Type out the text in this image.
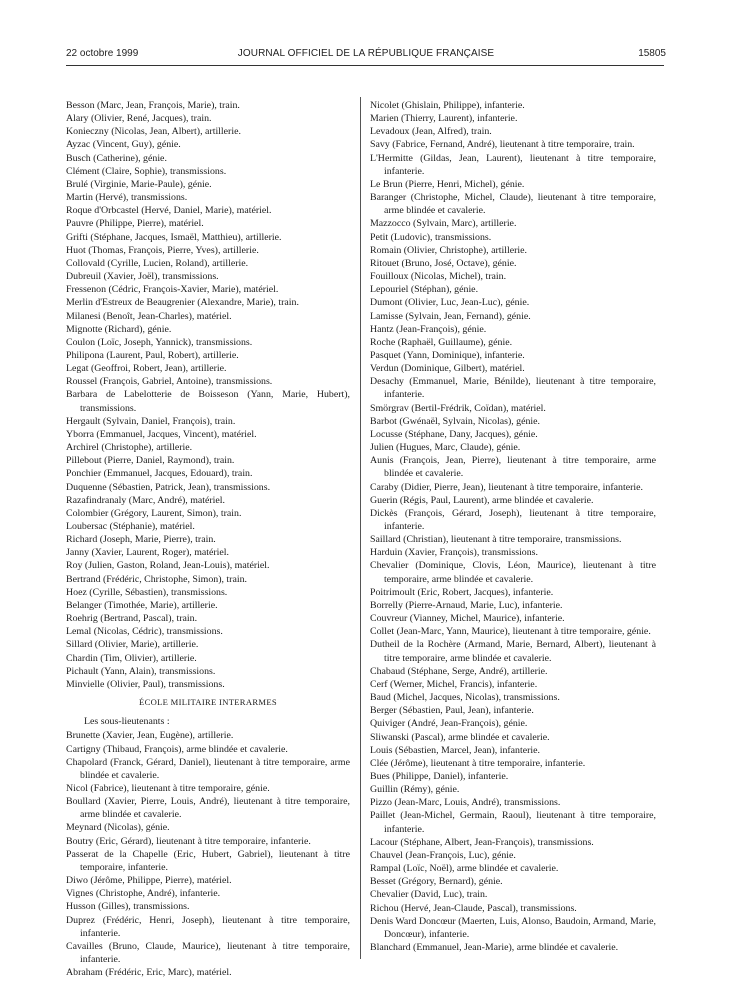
22 octobre 1999	JOURNAL OFFICIEL DE LA RÉPUBLIQUE FRANÇAISE	15805
Besson (Marc, Jean, François, Marie), train.
Alary (Olivier, René, Jacques), train.
Konieczny (Nicolas, Jean, Albert), artillerie.
Ayzac (Vincent, Guy), génie.
Busch (Catherine), génie.
Clément (Claire, Sophie), transmissions.
Brulé (Virginie, Marie-Paule), génie.
Martin (Hervé), transmissions.
Roque d'Orbcastel (Hervé, Daniel, Marie), matériel.
Pauvre (Philippe, Pierre), matériel.
Grifti (Stéphane, Jacques, Ismaël, Matthieu), artillerie.
Huot (Thomas, François, Pierre, Yves), artillerie.
Collovald (Cyrille, Lucien, Roland), artillerie.
Dubreuil (Xavier, Joël), transmissions.
Fressenon (Cédric, François-Xavier, Marie), matériel.
Merlin d'Estreux de Beaugrenier (Alexandre, Marie), train.
Milanesi (Benoît, Jean-Charles), matériel.
Mignotte (Richard), génie.
Coulon (Loïc, Joseph, Yannick), transmissions.
Philipona (Laurent, Paul, Robert), artillerie.
Legat (Geoffroi, Robert, Jean), artillerie.
Roussel (François, Gabriel, Antoine), transmissions.
Barbara de Labelotterie de Boisseson (Yann, Marie, Hubert), transmissions.
Hergault (Sylvain, Daniel, François), train.
Yborra (Emmanuel, Jacques, Vincent), matériel.
Archirel (Christophe), artillerie.
Pillebout (Pierre, Daniel, Raymond), train.
Ponchier (Emmanuel, Jacques, Edouard), train.
Duquenne (Sébastien, Patrick, Jean), transmissions.
Razafindranaly (Marc, André), matériel.
Colombier (Grégory, Laurent, Simon), train.
Loubersac (Stéphanie), matériel.
Richard (Joseph, Marie, Pierre), train.
Janny (Xavier, Laurent, Roger), matériel.
Roy (Julien, Gaston, Roland, Jean-Louis), matériel.
Bertrand (Frédéric, Christophe, Simon), train.
Hoez (Cyrille, Sébastien), transmissions.
Belanger (Timothée, Marie), artillerie.
Roehrig (Bertrand, Pascal), train.
Lemal (Nicolas, Cédric), transmissions.
Sillard (Olivier, Marie), artillerie.
Chardin (Tim, Olivier), artillerie.
Pichault (Yann, Alain), transmissions.
Minvielle (Olivier, Paul), transmissions.
ÉCOLE MILITAIRE INTERARMES
Les sous-lieutenants :
Brunette (Xavier, Jean, Eugène), artillerie.
Cartigny (Thibaud, François), arme blindée et cavalerie.
Chapolard (Franck, Gérard, Daniel), lieutenant à titre temporaire, arme blindée et cavalerie.
Nicol (Fabrice), lieutenant à titre temporaire, génie.
Boullard (Xavier, Pierre, Louis, André), lieutenant à titre temporaire, arme blindée et cavalerie.
Meynard (Nicolas), génie.
Boutry (Eric, Gérard), lieutenant à titre temporaire, infanterie.
Passerat de la Chapelle (Eric, Hubert, Gabriel), lieutenant à titre temporaire, infanterie.
Diwo (Jérôme, Philippe, Pierre), matériel.
Vignes (Christophe, André), infanterie.
Husson (Gilles), transmissions.
Duprez (Frédéric, Henri, Joseph), lieutenant à titre temporaire, infanterie.
Cavailles (Bruno, Claude, Maurice), lieutenant à titre temporaire, infanterie.
Abraham (Frédéric, Eric, Marc), matériel.
Nicolet (Ghislain, Philippe), infanterie.
Marien (Thierry, Laurent), infanterie.
Levadoux (Jean, Alfred), train.
Savy (Fabrice, Fernand, André), lieutenant à titre temporaire, train.
L'Hermitte (Gildas, Jean, Laurent), lieutenant à titre temporaire, infanterie.
Le Brun (Pierre, Henri, Michel), génie.
Baranger (Christophe, Michel, Claude), lieutenant à titre temporaire, arme blindée et cavalerie.
Mazzocco (Sylvain, Marc), artillerie.
Petit (Ludovic), transmissions.
Romain (Olivier, Christophe), artillerie.
Ritouet (Bruno, José, Octave), génie.
Fouilloux (Nicolas, Michel), train.
Lepouriel (Stéphan), génie.
Dumont (Olivier, Luc, Jean-Luc), génie.
Lamisse (Sylvain, Jean, Fernand), génie.
Hantz (Jean-François), génie.
Roche (Raphaël, Guillaume), génie.
Pasquet (Yann, Dominique), infanterie.
Verdun (Dominique, Gilbert), matériel.
Desachy (Emmanuel, Marie, Bénilde), lieutenant à titre temporaire, infanterie.
Smörgrav (Bertil-Frédrik, Coïdan), matériel.
Barbot (Gwénaël, Sylvain, Nicolas), génie.
Locusse (Stéphane, Dany, Jacques), génie.
Julien (Hugues, Marc, Claude), génie.
Aunis (François, Jean, Pierre), lieutenant à titre temporaire, arme blindée et cavalerie.
Caraby (Didier, Pierre, Jean), lieutenant à titre temporaire, infanterie.
Guerin (Régis, Paul, Laurent), arme blindée et cavalerie.
Dickès (François, Gérard, Joseph), lieutenant à titre temporaire, infanterie.
Saillard (Christian), lieutenant à titre temporaire, transmissions.
Harduin (Xavier, François), transmissions.
Chevalier (Dominique, Clovis, Léon, Maurice), lieutenant à titre temporaire, arme blindée et cavalerie.
Poitrimoult (Eric, Robert, Jacques), infanterie.
Borrelly (Pierre-Arnaud, Marie, Luc), infanterie.
Couvreur (Vianney, Michel, Maurice), infanterie.
Collet (Jean-Marc, Yann, Maurice), lieutenant à titre temporaire, génie.
Dutheil de la Rochère (Armand, Marie, Bernard, Albert), lieutenant à titre temporaire, arme blindée et cavalerie.
Chabaud (Stéphane, Serge, André), artillerie.
Cerf (Werner, Michel, Francis), infanterie.
Baud (Michel, Jacques, Nicolas), transmissions.
Berger (Sébastien, Paul, Jean), infanterie.
Quiviger (André, Jean-François), génie.
Sliwanski (Pascal), arme blindée et cavalerie.
Louis (Sébastien, Marcel, Jean), infanterie.
Clée (Jérôme), lieutenant à titre temporaire, infanterie.
Bues (Philippe, Daniel), infanterie.
Guillin (Rémy), génie.
Pizzo (Jean-Marc, Louis, André), transmissions.
Paillet (Jean-Michel, Germain, Raoul), lieutenant à titre temporaire, infanterie.
Lacour (Stéphane, Albert, Jean-François), transmissions.
Chauvel (Jean-François, Luc), génie.
Rampal (Loïc, Noël), arme blindée et cavalerie.
Besset (Grégory, Bernard), génie.
Chevalier (David, Luc), train.
Richou (Hervé, Jean-Claude, Pascal), transmissions.
Denis Ward Doncœur (Maerten, Luis, Alonso, Baudoin, Armand, Marie, Doncœur), infanterie.
Blanchard (Emmanuel, Jean-Marie), arme blindée et cavalerie.
